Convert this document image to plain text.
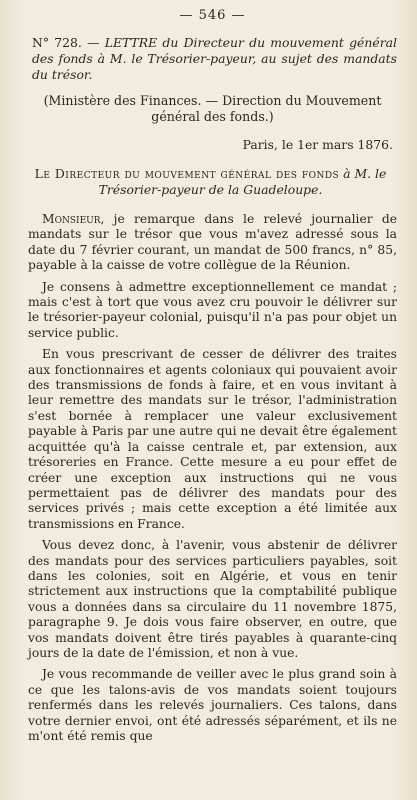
— 546 —
N° 728. — LETTRE du Directeur du mouvement général des fonds à M. le Trésorier-payeur, au sujet des mandats du trésor.
(Ministère des Finances. — Direction du Mouvement général des fonds.)
Paris, le 1er mars 1876.
Le Directeur du mouvement général des fonds à M. le Trésorier-payeur de la Guadeloupe.

Monsieur, je remarque dans le relevé journalier de mandats sur le trésor que vous m'avez adressé sous la date du 7 février courant, un mandat de 500 francs, n° 85, payable à la caisse de votre collègue de la Réunion.

Je consens à admettre exceptionnellement ce mandat ; mais c'est à tort que vous avez cru pouvoir le délivrer sur le trésorier-payeur colonial, puisqu'il n'a pas pour objet un service public.

En vous prescrivant de cesser de délivrer des traites aux fonctionnaires et agents coloniaux qui pouvaient avoir des transmissions de fonds à faire, et en vous invitant à leur remettre des mandats sur le trésor, l'administration s'est bornée à remplacer une valeur exclusivement payable à Paris par une autre qui ne devait être également acquittée qu'à la caisse centrale et, par extension, aux trésoreries en France. Cette mesure a eu pour effet de créer une exception aux instructions qui ne vous permettaient pas de délivrer des mandats pour des services privés ; mais cette exception a été limitée aux transmissions en France.

Vous devez donc, à l'avenir, vous abstenir de délivrer des mandats pour des services particuliers payables, soit dans les colonies, soit en Algérie, et vous en tenir strictement aux instructions que la comptabilité publique vous a données dans sa circulaire du 11 novembre 1875, paragraphe 9. Je dois vous faire observer, en outre, que vos mandats doivent être tirés payables à quarante-cinq jours de la date de l'émission, et non à vue.

Je vous recommande de veiller avec le plus grand soin à ce que les talons-avis de vos mandats soient toujours renfermés dans les relevés journaliers. Ces talons, dans votre dernier envoi, ont été adressés séparément, et ils ne m'ont été remis que
